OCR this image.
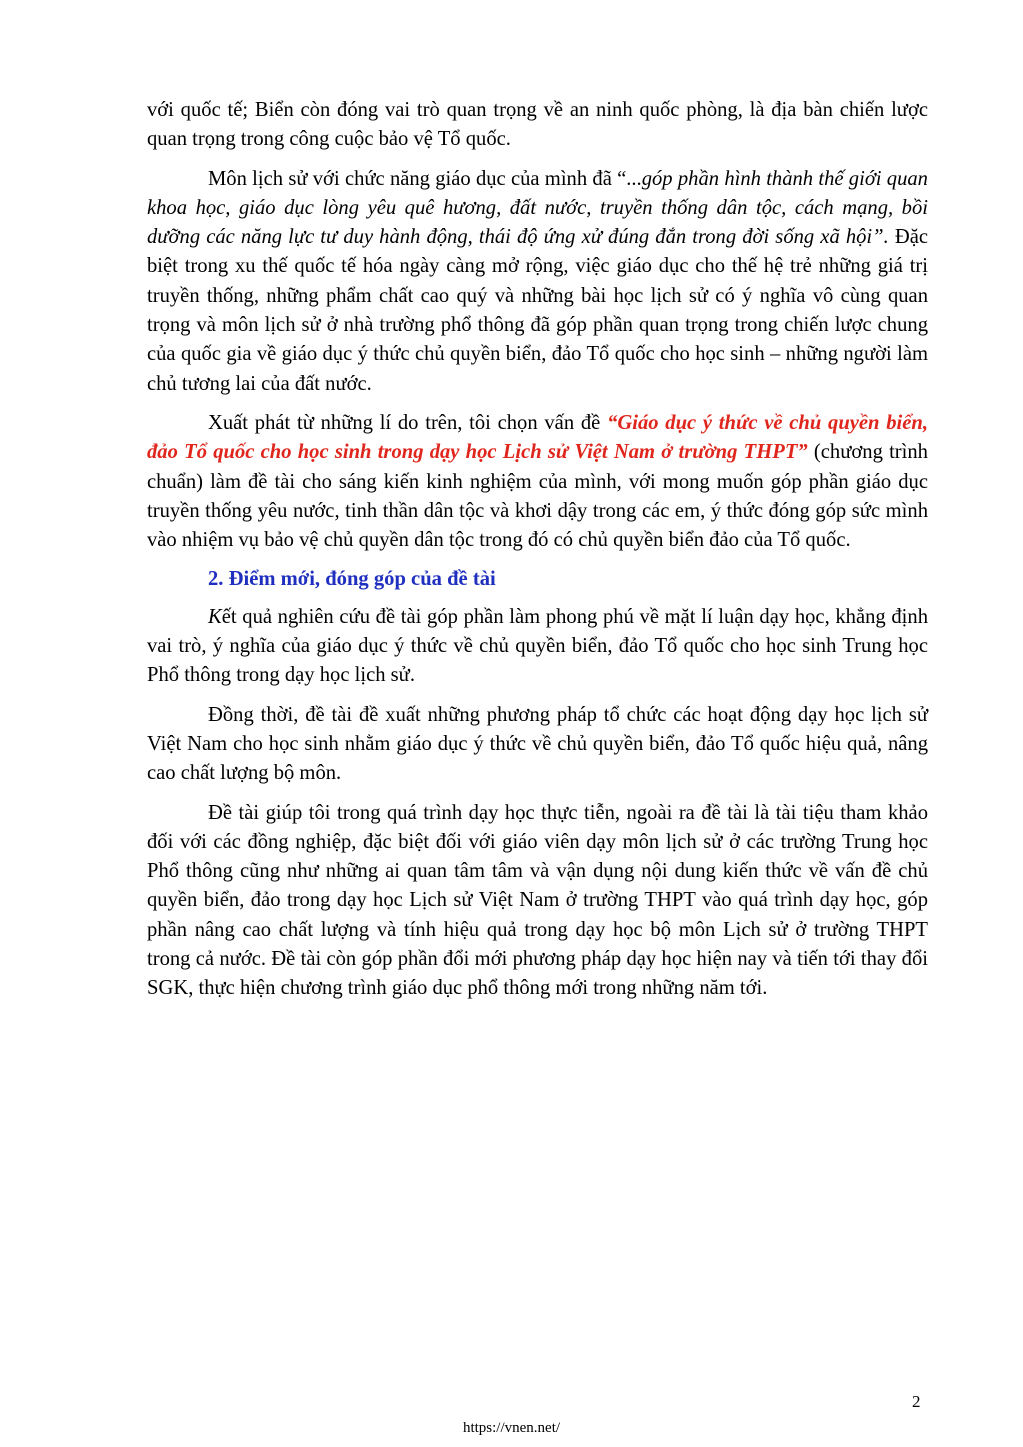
với quốc tế; Biển còn đóng vai trò quan trọng về an ninh quốc phòng, là địa bàn chiến lược quan trọng trong công cuộc bảo vệ Tổ quốc.

Môn lịch sử với chức năng giáo dục của mình đã “...góp phần hình thành thế giới quan khoa học, giáo dục lòng yêu quê hương, đất nước, truyền thống dân tộc, cách mạng, bồi dưỡng các năng lực tư duy hành động, thái độ ứng xử đúng đắn trong đời sống xã hội”. Đặc biệt trong xu thế quốc tế hóa ngày càng mở rộng, việc giáo dục cho thế hệ trẻ những giá trị truyền thống, những phẩm chất cao quý và những bài học lịch sử có ý nghĩa vô cùng quan trọng và môn lịch sử ở nhà trường phổ thông đã góp phần quan trọng trong chiến lược chung của quốc gia về giáo dục ý thức chủ quyền biển, đảo Tổ quốc cho học sinh – những người làm chủ tương lai của đất nước.

Xuất phát từ những lí do trên, tôi chọn vấn đề “Giáo dục ý thức về chủ quyền biển, đảo Tổ quốc cho học sinh trong dạy học Lịch sử Việt Nam ở trường THPT” (chương trình chuẩn) làm đề tài cho sáng kiến kinh nghiệm của mình, với mong muốn góp phần giáo dục truyền thống yêu nước, tinh thần dân tộc và khơi dậy trong các em, ý thức đóng góp sức mình vào nhiệm vụ bảo vệ chủ quyền dân tộc trong đó có chủ quyền biển đảo của Tổ quốc.

2. Điểm mới, đóng góp của đề tài

Kết quả nghiên cứu đề tài góp phần làm phong phú về mặt lí luận dạy học, khẳng định vai trò, ý nghĩa của giáo dục ý thức về chủ quyền biển, đảo Tổ quốc cho học sinh Trung học Phổ thông trong dạy học lịch sử.

Đồng thời, đề tài đề xuất những phương pháp tổ chức các hoạt động dạy học lịch sử Việt Nam cho học sinh nhằm giáo dục ý thức về chủ quyền biển, đảo Tổ quốc hiệu quả, nâng cao chất lượng bộ môn.

Đề tài giúp tôi trong quá trình dạy học thực tiễn, ngoài ra đề tài là tài tiệu tham khảo đối với các đồng nghiệp, đặc biệt đối với giáo viên dạy môn lịch sử ở các trường Trung học Phổ thông cũng như những ai quan tâm tâm và vận dụng nội dung kiến thức về vấn đề chủ quyền biển, đảo trong dạy học Lịch sử Việt Nam ở trường THPT vào quá trình dạy học, góp phần nâng cao chất lượng và tính hiệu quả trong dạy học bộ môn Lịch sử ở trường THPT trong cả nước. Đề tài còn góp phần đổi mới phương pháp dạy học hiện nay và tiến tới thay đổi SGK, thực hiện chương trình giáo dục phổ thông mới trong những năm tới.

2
https://vnen.net/
